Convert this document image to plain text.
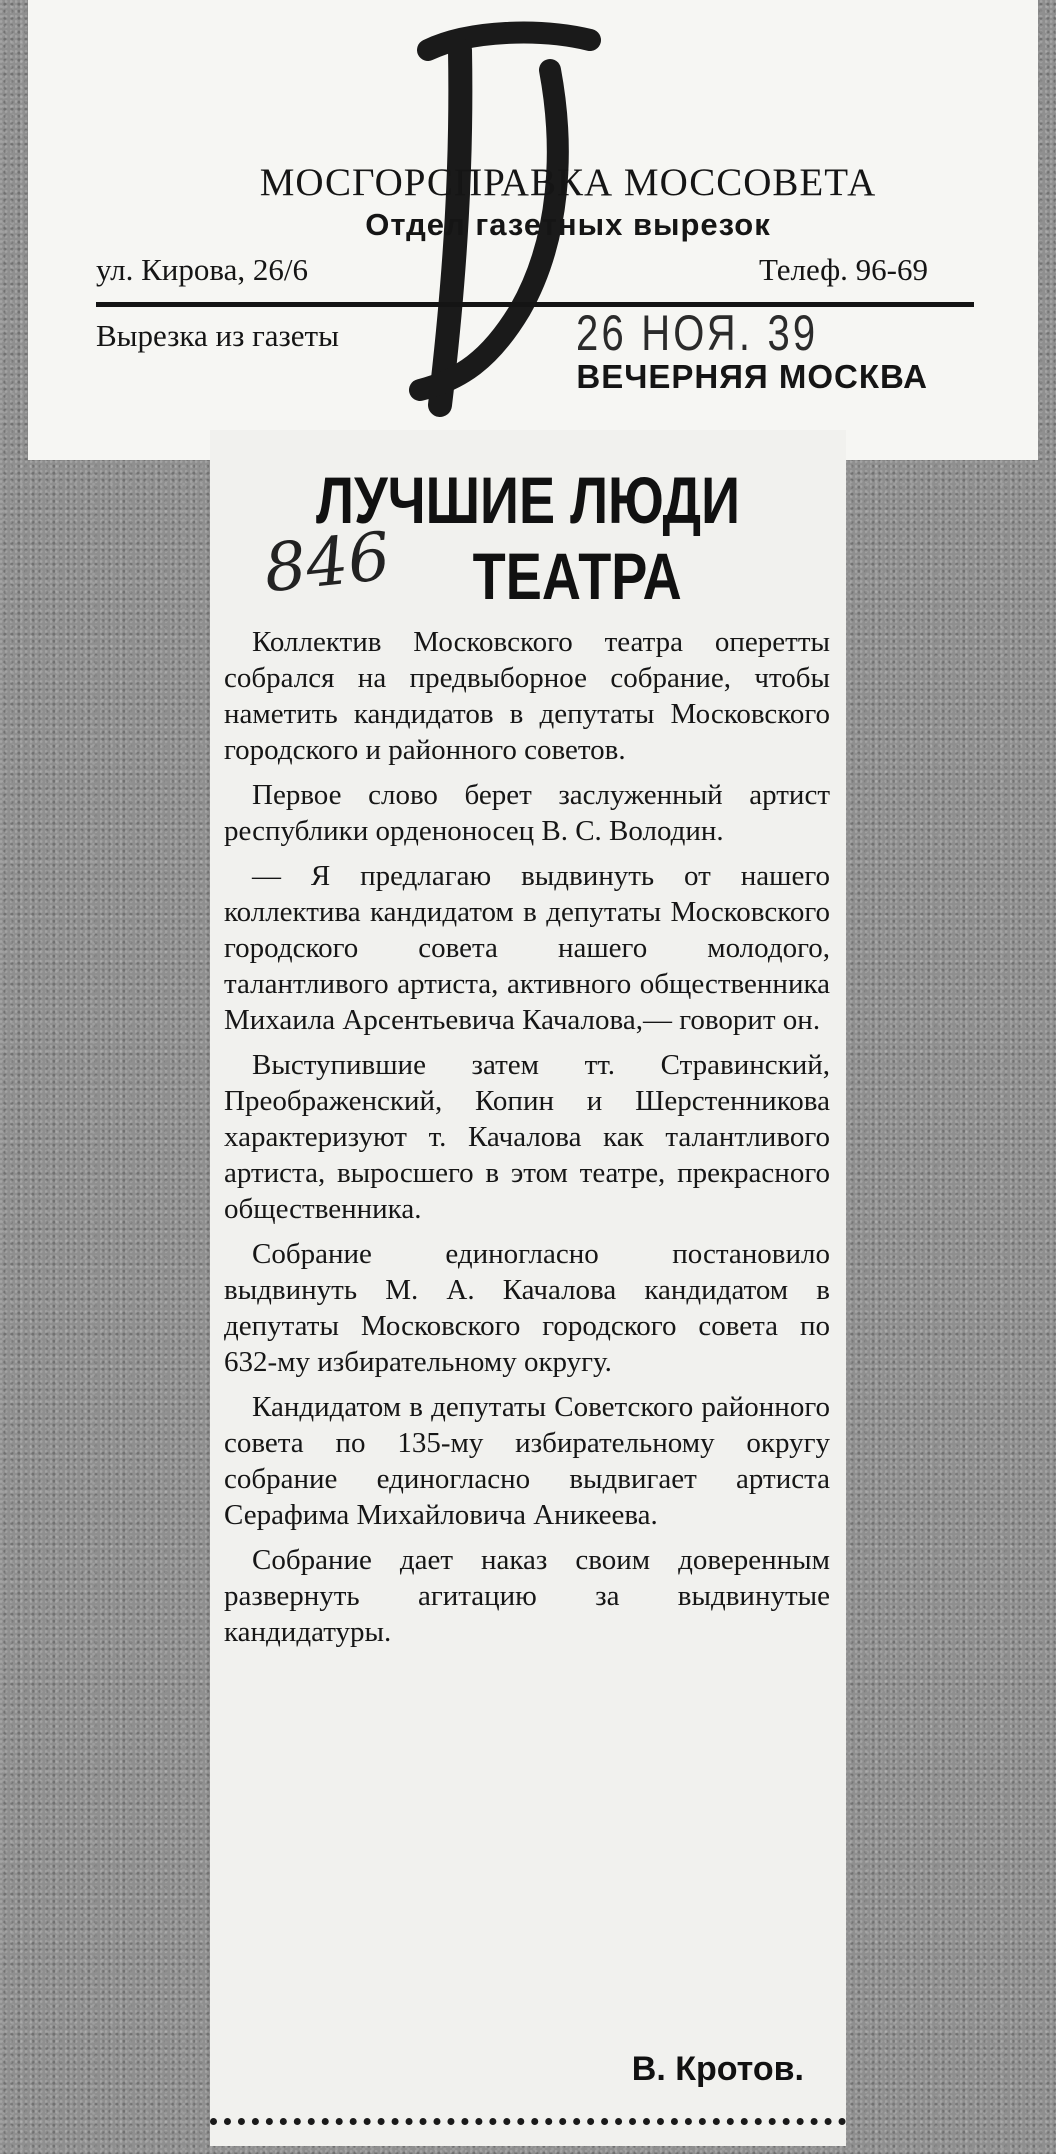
МОСГОРСПРАВКА МОССОВЕТА
Отдел газетных вырезок
ул. Кирова, 26/6	Телеф. 96-69
Вырезка из газеты	26 НОЯ. 39
ВЕЧЕРНЯЯ МОСКВА
ЛУЧШИЕ ЛЮДИ
ТЕАТРА
846

Коллектив Московского театра оперетты собрался на предвыборное собрание, чтобы наметить кандидатов в депутаты Московского городского и районного советов.

Первое слово берет заслуженный артист республики орденоносец В. С. Володин.

— Я предлагаю выдвинуть от нашего коллектива кандидатом в депутаты Московского городского совета нашего молодого, талантливого артиста, активного общественника Михаила Арсентьевича Качалова,— говорит он.

Выступившие затем тт. Стравинский, Преображенский, Копин и Шерстенникова характеризуют т. Качалова как талантливого артиста, выросшего в этом театре, прекрасного общественника.

Собрание единогласно постановило выдвинуть М. А. Качалова кандидатом в депутаты Московского городского совета по 632-му избирательному округу.

Кандидатом в депутаты Советского районного совета по 135-му избирательному округу собрание единогласно выдвигает артиста Серафима Михайловича Аникеева.

Собрание дает наказ своим доверенным развернуть агитацию за выдвинутые кандидатуры.

В. Кротов.
